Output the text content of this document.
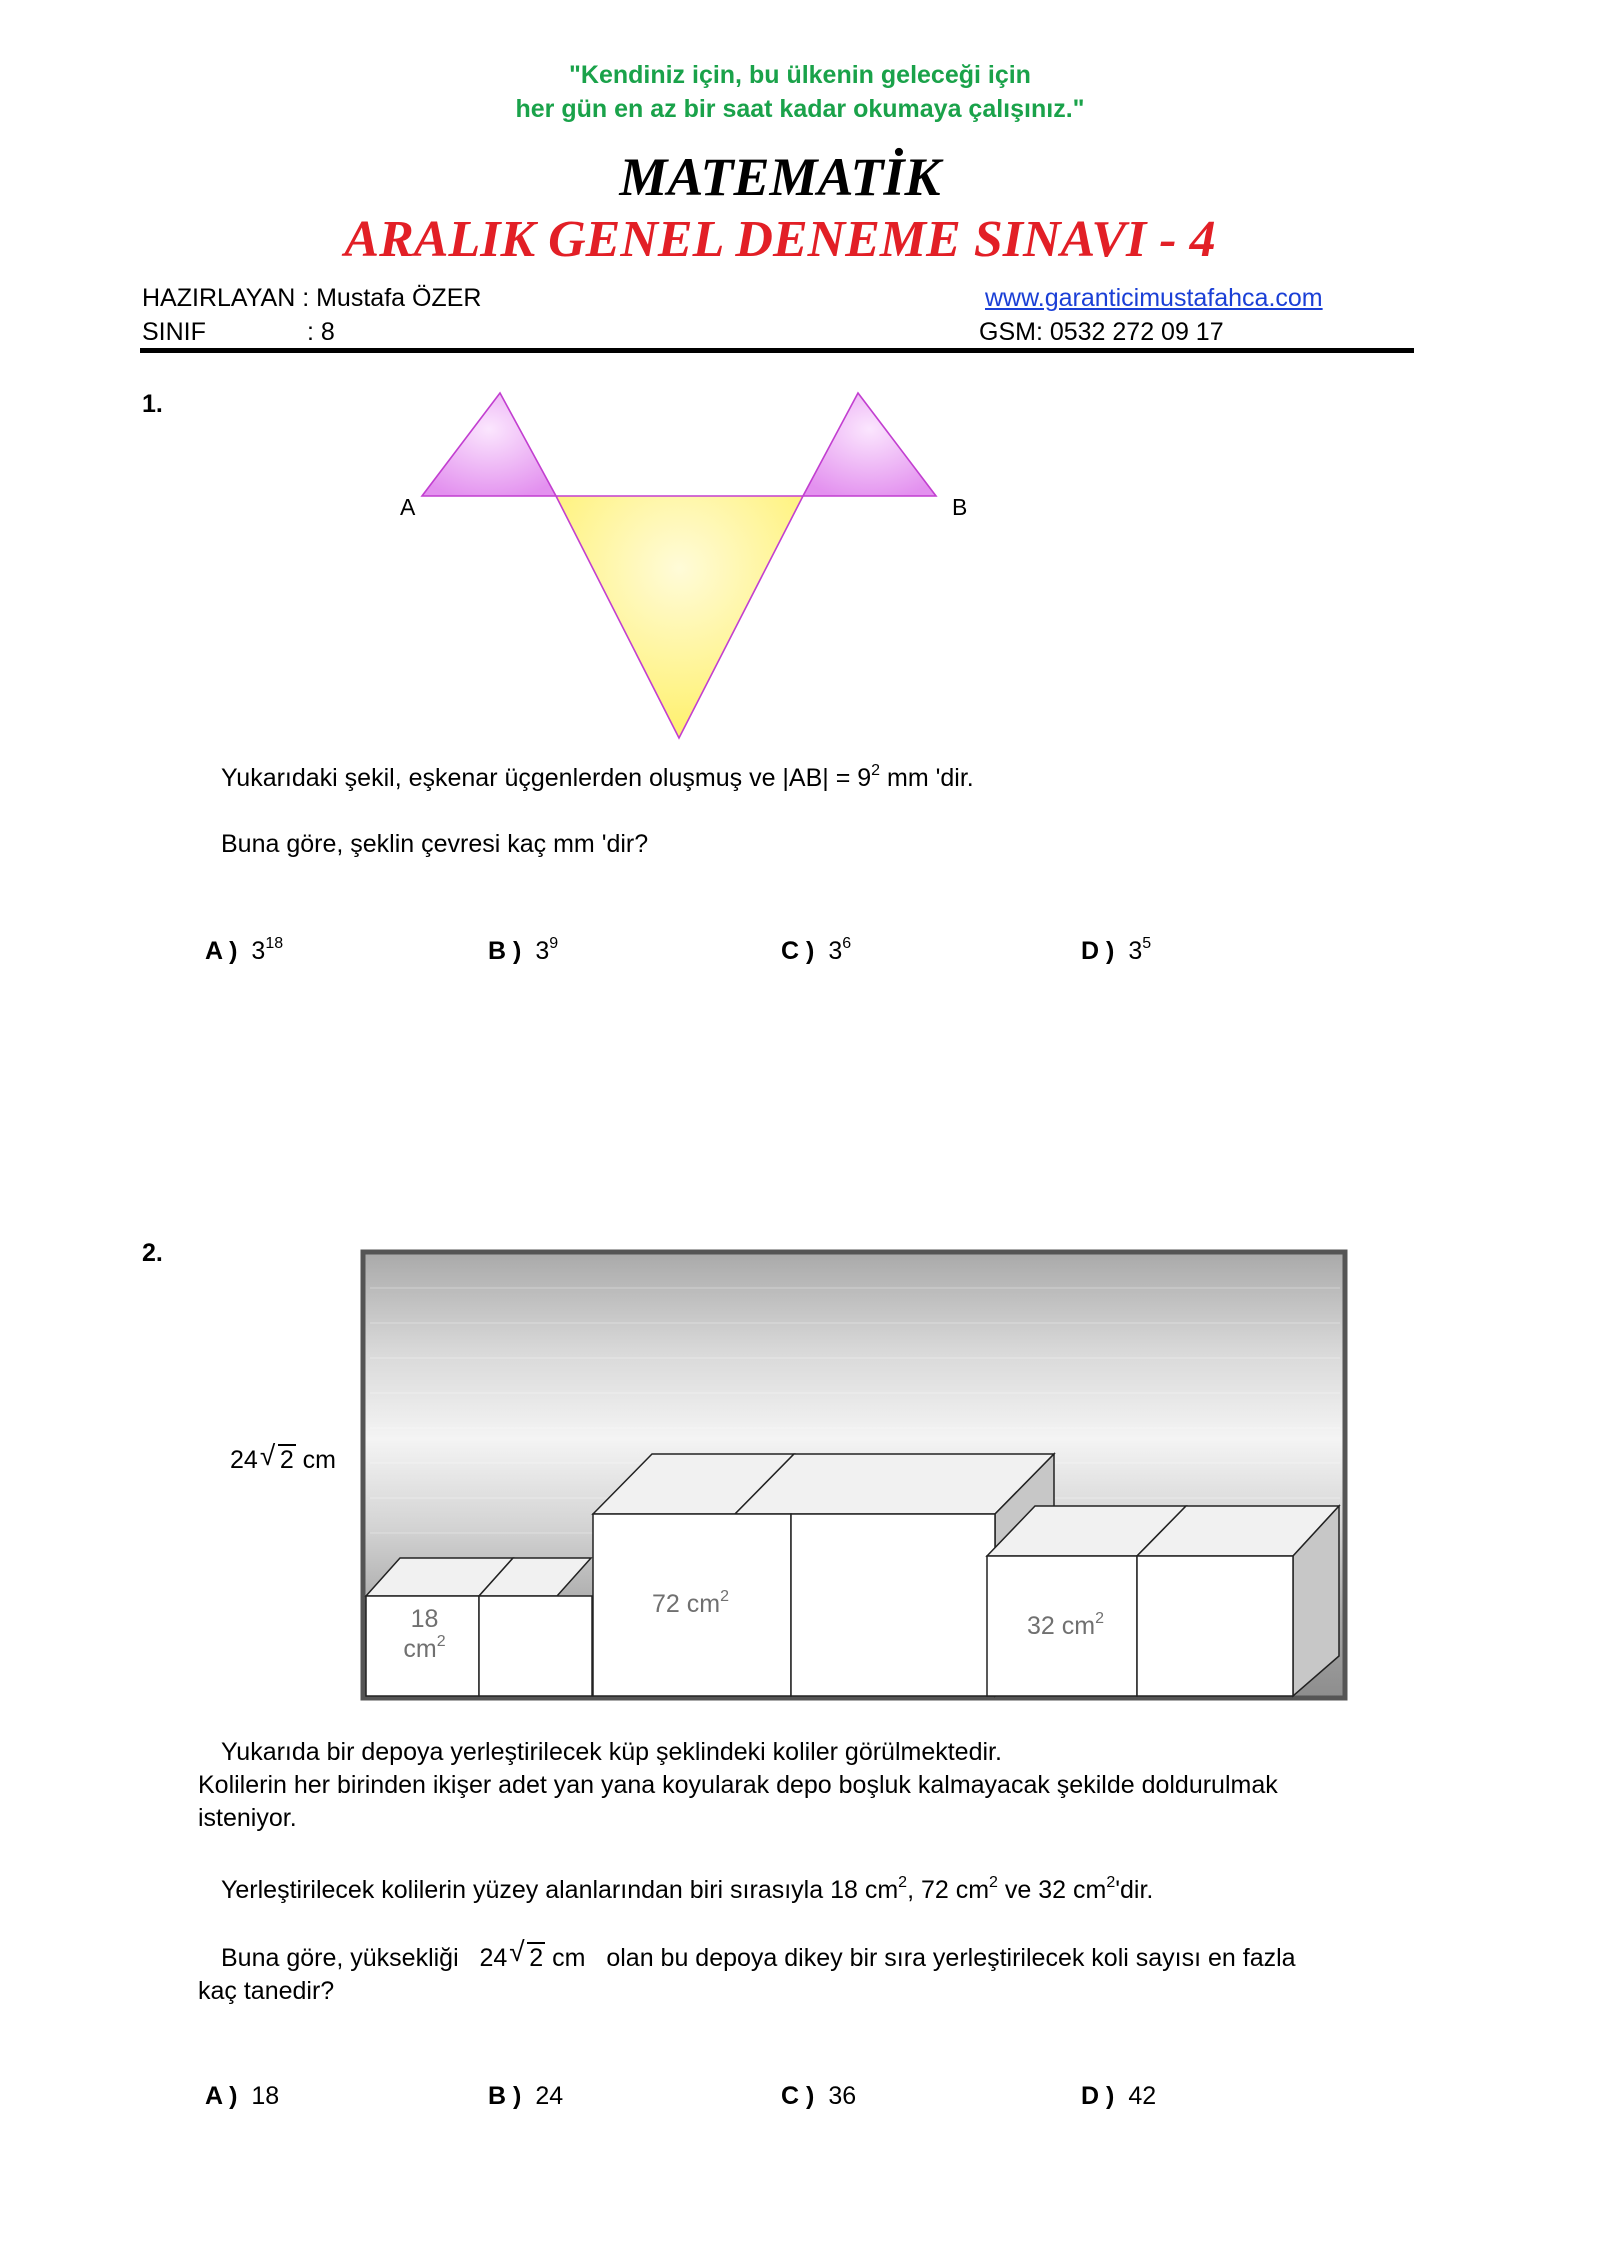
"Kendiniz için, bu ülkenin geleceği için
her gün en az bir saat kadar okumaya çalışınız."
MATEMATİK
ARALIK GENEL DENEME SINAVI - 4
HAZIRLAYAN : Mustafa ÖZER
SINIF	: 8
www.garanticimustafahca.com
GSM: 0532 272 09 17
1.
A	B
Yukarıdaki şekil, eşkenar üçgenlerden oluşmuş ve $|AB| = 9^2$ mm 'dir.
Buna göre, şeklin çevresi kaç mm 'dir?
A ) $3^{18}$	B ) $3^9$	C ) $3^6$	D ) $3^5$
2.
18
$cm^2$
72 $cm^2$
32 $cm^2$
24 √ 2 cm
Yukarıda bir depoya yerleştirilecek küp şeklindeki koliler görülmektedir.
Kolilerin her birinden ikişer adet yan yana koyularak depo boşluk kalmayacak şekilde doldurulmak
isteniyor.
Yerleştirilecek kolilerin yüzey alanlarından biri sırasıyla 18 $cm^2$, 72 $cm^2$ ve 32 $cm^2'dir$.
Buna göre, yüksekliği 24 √ 2 cm olan bu depoya dikey bir sıra yerleştirilecek koli sayısı en fazla
kaç tanedir?
A ) 18	B ) 24	C ) 36	D ) 42
